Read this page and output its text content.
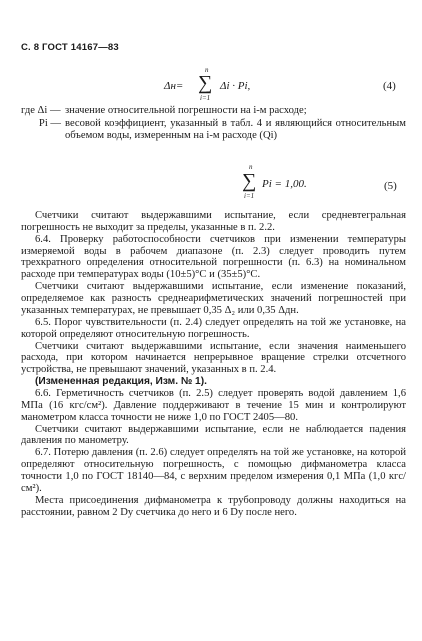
С. 8 ГОСТ 14167—83
Δн=
n
∑
i=1
Δi · Pi,	(4)
где Δi — значение относительной погрешности на i-м расходе;
Pi — весовой коэффициент, указанный в табл. 4 и являющийся относительным объемом воды, измеренным на i-м расходе (Qi)
n
∑
i=1
Pi = 1,00.	(5)

Счетчики считают выдержавшими испытание, если средневтегральная погрешность не выходит за пределы, указанные в п. 2.2.

6.4. Проверку работоспособности счетчиков при изменении температуры измеряемой воды в рабочем диапазоне (п. 2.3) следует проводить путем трехкратного определения относительной погрешности (п. 6.3) на номинальном расходе при температурах воды (10±5)°С и (35±5)°С.

Счетчики считают выдержавшими испытание, если изменение показаний, определяемое как разность среднеарифметических значений погрешностей при указанных температурах, не превышает 0,35 Δ₂ или 0,35 Δдн.

6.5. Порог чувствительности (п. 2.4) следует определять на той же установке, на которой определяют относительную погрешность.

Счетчики считают выдержавшими испытание, если значения наименьшего расхода, при котором начинается непрерывное вращение стрелки отсчетного устройства, не превышают значений, указанных в п. 2.4.

(Измененная редакция, Изм. № 1).

6.6. Герметичность счетчиков (п. 2.5) следует проверять водой давлением 1,6 МПа (16 кгс/см²). Давление поддерживают в течение 15 мин и контролируют манометром класса точности не ниже 1,0 по ГОСТ 2405—80.

Счетчики считают выдержавшими испытание, если не наблюдается падения давления по манометру.

6.7. Потерю давления (п. 2.6) следует определять на той же установке, на которой определяют относительную погрешность, с помощью дифманометра класса точности 1,0 по ГОСТ 18140—84, с верхним пределом измерения 0,1 МПа (1,0 кгс/см²).

Места присоединения дифманометра к трубопроводу должны находиться на расстоянии, равном 2 Dу счетчика до него и 6 Dу после него.
